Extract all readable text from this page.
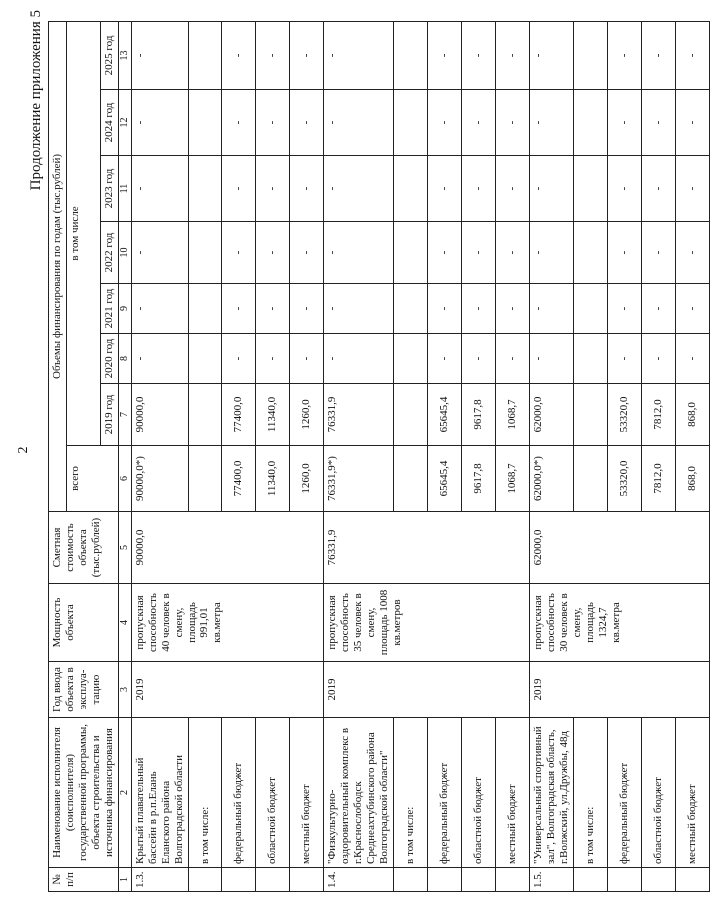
2
Продолжение приложения 5
№ п/п	Наименование исполнителя (соисполнителя) государственной программы, объекта строительства и источника финансирования	Год ввода объекта в эксплуа-тацию	Мощность объекта	Сметная стоимость объекта (тыс.рублей)	Объемы финансирования по годам (тыс.рублей)							
					всего	в том числе						
						2019 год	2020 год	2021 год	2022 год	2023 год	2024 год	2025 год
1	2	3	4	5	6	7	8	9	10	11	12	13
1.3.	Крытый плавательный бассейн в р.п.Елань Еланского района Волгоградской области	2019	пропускная способность 40 человек в смену, площадь 991,01 кв.метра	90000,0	90000,0*)	90000,0	-	-	-	-	-	-
	в том числе:											
	федеральный бюджет				77400,0	77400,0	-	-	-	-	-	-
	областной бюджет				11340,0	11340,0	-	-	-	-	-	-
	местный бюджет				1260,0	1260,0	-	-	-	-	-	-
1.4.	"Физкультурно-оздоровительный комплекс в г.Краснослободск Среднеахтубинского района Волгоградской области"	2019	пропускная способность 35 человек в смену, площадь 1008 кв.метров	76331,9	76331,9*)	76331,9	-	-	-	-	-	-
	в том числе:											
	федеральный бюджет				65645,4	65645,4	-	-	-	-	-	-
	областной бюджет				9617,8	9617,8	-	-	-	-	-	-
	местный бюджет				1068,7	1068,7	-	-	-	-	-	-
1.5.	"Универсальный спортивный зал", Волгоградская область, г.Волжский, ул.Дружбы, 48д	2019	пропускная способность 30 человек в смену, площадь 1324,7 кв.метра	62000,0	62000,0*)	62000,0	-	-	-	-	-	-
	в том числе:											
	федеральный бюджет				53320,0	53320,0	-	-	-	-	-	-
	областной бюджет				7812,0	7812,0	-	-	-	-	-	-
	местный бюджет				868,0	868,0	-	-	-	-	-	-
